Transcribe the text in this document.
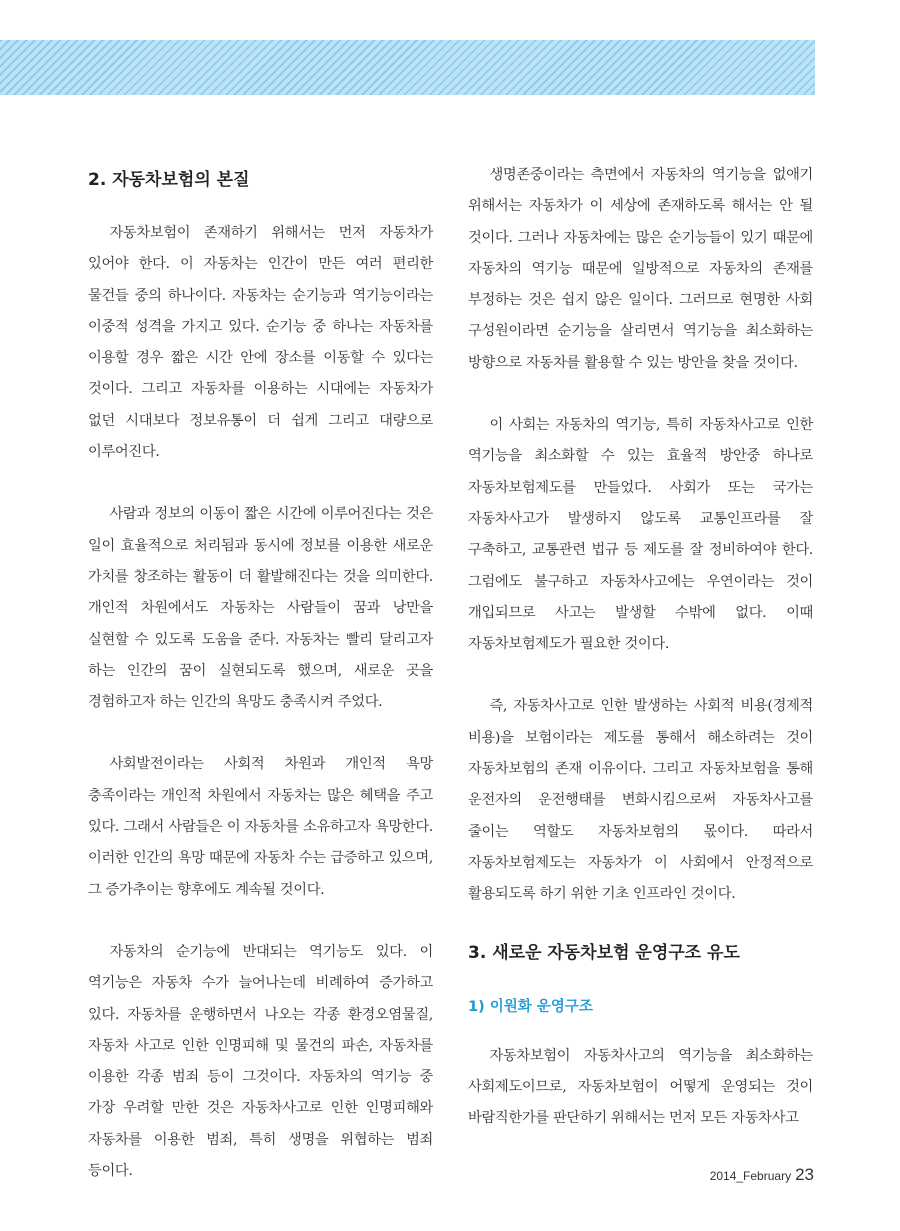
2. 자동차보험의 본질

자동차보험이 존재하기 위해서는 먼저 자동차가 있어야 한다. 이 자동차는 인간이 만든 여러 편리한 물건들 중의 하나이다. 자동차는 순기능과 역기능이라는 이중적 성격을 가지고 있다. 순기능 중 하나는 자동차를 이용할 경우 짧은 시간 안에 장소를 이동할 수 있다는 것이다. 그리고 자동차를 이용하는 시대에는 자동차가 없던 시대보다 정보유통이 더 쉽게 그리고 대량으로 이루어진다.

사람과 정보의 이동이 짧은 시간에 이루어진다는 것은 일이 효율적으로 처리됨과 동시에 정보를 이용한 새로운 가치를 창조하는 활동이 더 활발해진다는 것을 의미한다. 개인적 차원에서도 자동차는 사람들이 꿈과 낭만을 실현할 수 있도록 도움을 준다. 자동차는 빨리 달리고자 하는 인간의 꿈이 실현되도록 했으며, 새로운 곳을 경험하고자 하는 인간의 욕망도 충족시켜 주었다.

사회발전이라는 사회적 차원과 개인적 욕망 충족이라는 개인적 차원에서 자동차는 많은 혜택을 주고 있다. 그래서 사람들은 이 자동차를 소유하고자 욕망한다. 이러한 인간의 욕망 때문에 자동차 수는 급증하고 있으며, 그 증가추이는 향후에도 계속될 것이다.

자동차의 순기능에 반대되는 역기능도 있다. 이 역기능은 자동차 수가 늘어나는데 비례하여 증가하고 있다. 자동차를 운행하면서 나오는 각종 환경오염물질, 자동차 사고로 인한 인명피해 및 물건의 파손, 자동차를 이용한 각종 범죄 등이 그것이다. 자동차의 역기능 중 가장 우려할 만한 것은 자동차사고로 인한 인명피해와 자동차를 이용한 범죄, 특히 생명을 위협하는 범죄 등이다.

생명존중이라는 측면에서 자동차의 역기능을 없애기 위해서는 자동차가 이 세상에 존재하도록 해서는 안 될 것이다. 그러나 자동차에는 많은 순기능들이 있기 때문에 자동차의 역기능 때문에 일방적으로 자동차의 존재를 부정하는 것은 쉽지 않은 일이다. 그러므로 현명한 사회 구성원이라면 순기능을 살리면서 역기능을 최소화하는 방향으로 자동차를 활용할 수 있는 방안을 찾을 것이다.

이 사회는 자동차의 역기능, 특히 자동차사고로 인한 역기능을 최소화할 수 있는 효율적 방안중 하나로 자동차보험제도를 만들었다. 사회가 또는 국가는 자동차사고가 발생하지 않도록 교통인프라를 잘 구축하고, 교통관련 법규 등 제도를 잘 정비하여야 한다. 그럼에도 불구하고 자동차사고에는 우연이라는 것이 개입되므로 사고는 발생할 수밖에 없다. 이때 자동차보험제도가 필요한 것이다.

즉, 자동차사고로 인한 발생하는 사회적 비용(경제적 비용)을 보험이라는 제도를 통해서 해소하려는 것이 자동차보험의 존재 이유이다. 그리고 자동차보험을 통해 운전자의 운전행태를 변화시킴으로써 자동차사고를 줄이는 역할도 자동차보험의 몫이다. 따라서 자동차보험제도는 자동차가 이 사회에서 안정적으로 활용되도록 하기 위한 기초 인프라인 것이다.

3. 새로운 자동차보험 운영구조 유도
1) 이원화 운영구조

자동차보험이 자동차사고의 역기능을 최소화하는 사회제도이므로, 자동차보험이 어떻게 운영되는 것이 바람직한가를 판단하기 위해서는 먼저 모든 자동차사고

2014_February 23
